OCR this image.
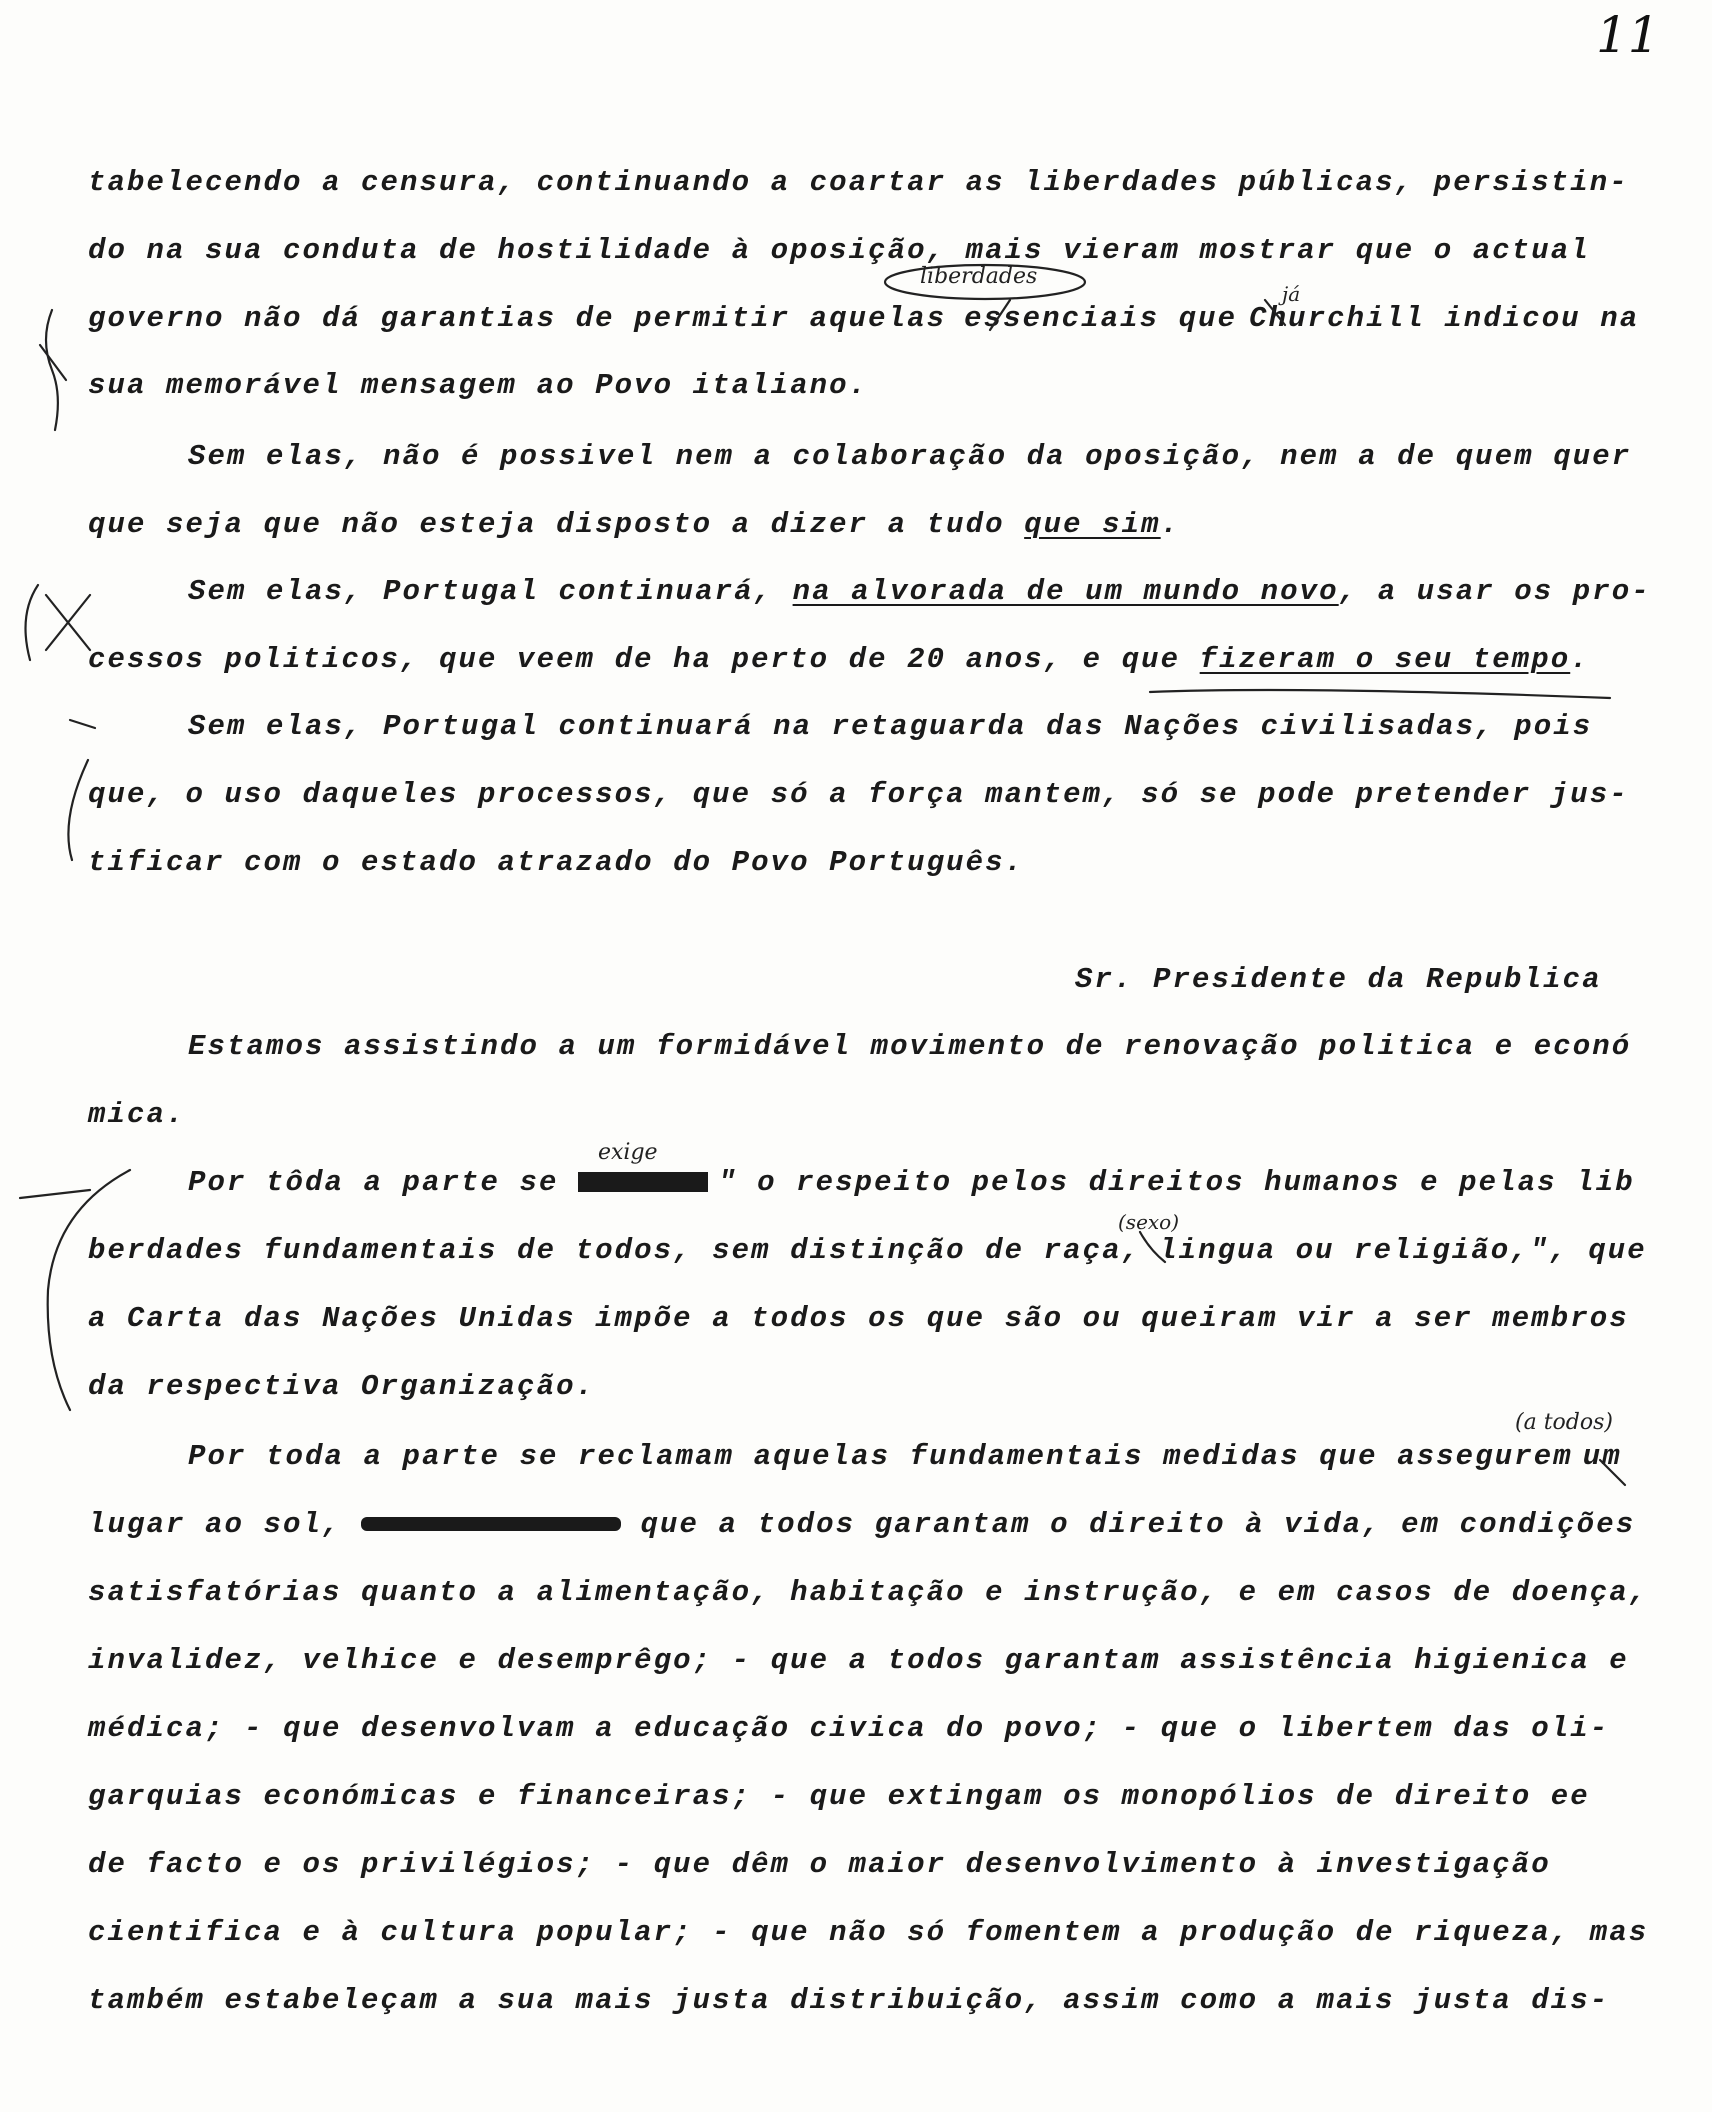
11
tabelecendo a censura, continuando a coartar as liberdades públicas, persistin-
do na sua conduta de hostilidade à oposição, mais vieram mostrar que o actual
governo não dá garantias de permitir aquelas essenciais que Churchill indicou na
sua memorável mensagem ao Povo italiano.
Sem elas, não é possivel nem a colaboração da oposição, nem a de quem quer
que seja que não esteja disposto a dizer a tudo que sim.
Sem elas, Portugal continuará, na alvorada de um mundo novo, a usar os pro-
cessos politicos, que veem de ha perto de 20 anos, e que fizeram o seu tempo.
Sem elas, Portugal continuará na retaguarda das Nações civilisadas, pois
que, o uso daqueles processos, que só a força mantem, só se pode pretender jus-
tificar com o estado atrazado do Povo Português.
Sr. Presidente da Republica
Estamos assistindo a um formidável movimento de renovação politica e econó
mica.
Por tôda a parte se	" o respeito pelos direitos humanos e pelas lib
berdades fundamentais de todos, sem distinção de raça, lingua ou religião,", que
a Carta das Nações Unidas impõe a todos os que são ou queiram vir a ser membros
da respectiva Organização.
Por toda a parte se reclamam aquelas fundamentais medidas que assegurem um
lugar ao sol,	que a todos garantam o direito à vida, em condições
satisfatórias quanto a alimentação, habitação e instrução, e em casos de doença,
invalidez, velhice e desemprêgo; - que a todos garantam assistência higienica e
médica; - que desenvolvam a educação civica do povo; - que o libertem das oli-
garquias económicas e financeiras; - que extingam os monopólios de direito ee
de facto e os privilégios; - que dêm o maior desenvolvimento à investigação
cientifica e à cultura popular; - que não só fomentem a produção de riqueza, mas
também estabeleçam a sua mais justa distribuição, assim como a mais justa dis-
liberdades
já
exige
(sexo)
(a todos)
